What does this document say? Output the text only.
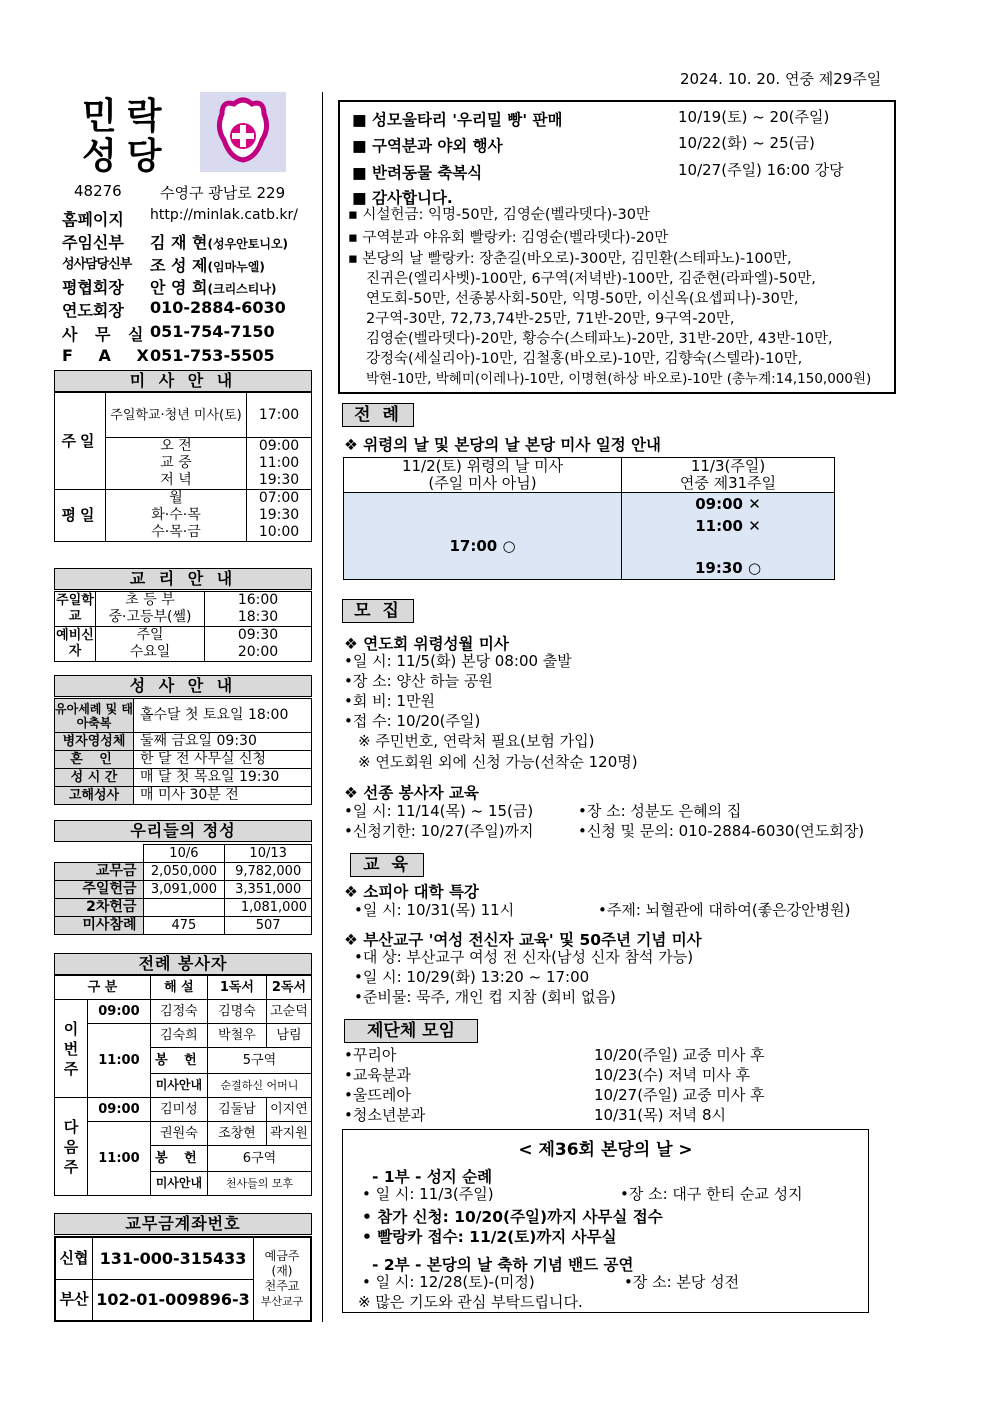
2024. 10. 20. 연중 제29주일
민락
성당
48276	수영구 광남로 229
홈페이지 http://minlak.catb.kr/
주임신부 김 재 현(성우안토니오)
성사담당신부 조 성 제(임마누엘)
평협회장 안 영 희(크리스티나)
연도회장 010-2884-6030
사 무 실 051-754-7150
F A X
051-753-5505
미 사 안 내
주일	주일학교·청년 미사(토)	17:00
	오 전	09:00
	교 중	11:00
	저 녁	19:30
평일	월	07:00
	화·수·목	19:30
	수·목·금	10:00
교 리 안 내
주일학교	초 등 부	16:00
	중·고등부(쎌)	18:30
예비신자	주일	09:30
	수요일	20:00
성 사 안 내
유아세례 및 태아축복	홀수달 첫 토요일 18:00
병자영성체	둘째 금요일 09:30
혼 인	한 달 전 사무실 신청
성 시 간	매 달 첫 목요일 19:30
고해성사	매 미사 30분 전
우리들의 정성
	10/6	10/13
교무금	2,050,000	9,782,000
주일헌금	3,091,000	3,351,000
2차헌금		1,081,000
미사참례	475	507
전례 봉사자
구 분		해 설	1독서	2독서
이번주	09:00	김정숙	김명숙	고순덕
	11:00	김숙희	박철우	남림
		봉 헌	5구역	
		미사안내	순결하신 어머니	
다음주	09:00	김미성	김둘남	이지연
	11:00	권원숙	조창현	곽지원
		봉 헌	6구역	
		미사안내	천사들의 모후	
교무금계좌번호
신협	131-000-315433	예금주
(재)
천주교
부산교구

부산	102-01-009896-3	
■ 성모울타리 '우리밀 빵' 판매	10/19(토) ~ 20(주일)
■ 구역분과 야외 행사	10/22(화) ~ 25(금)
■ 반려동물 축복식	10/27(주일) 16:00 강당
■ 감사합니다.
▪ 시설헌금: 익명-50만, 김영순(벨라뎃다)-30만
▪ 구역분과 야유회 빨랑카: 김영순(벨라뎃다)-20만
▪ 본당의 날 빨랑카: 장춘길(바오로)-300만, 김민환(스테파노)-100만,
진귀은(엘리사벳)-100만, 6구역(저녁반)-100만, 김준현(라파엘)-50만,
연도회-50만, 선종봉사회-50만, 익명-50만, 이신옥(요셉피나)-30만,
2구역-30만, 72,73,74반-25만, 71반-20만, 9구역-20만,
김영순(벨라뎃다)-20만, 황승수(스테파노)-20만, 31반-20만, 43반-10만,
강정숙(세실리아)-10만, 김철홍(바오로)-10만, 김향숙(스텔라)-10만,
박현-10만, 박혜미(이레나)-10만, 이명현(하상 바오로)-10만 (총누계:14,150,000원)
전 례
❖ 위령의 날 및 본당의 날 본당 미사 일정 안내
11/2(토) 위령의 날 미사	11/3(주일)
(주일 미사 아님)	연중 제31주일
17:00 ○	09:00 ✕
11:00 ✕
19:30 ○
모 집
❖ 연도회 위령성월 미사
•일 시: 11/5(화) 본당 08:00 출발
•장 소: 양산 하늘 공원
•회 비: 1만원
•접 수: 10/20(주일)
※ 주민번호, 연락처 필요(보험 가입)
※ 연도회원 외에 신청 가능(선착순 120명)
❖ 선종 봉사자 교육
•일 시: 11/14(목) ~ 15(금)	•장 소: 성분도 은혜의 집
•신청기한: 10/27(주일)까지	•신청 및 문의: 010-2884-6030(연도회장)
교 육
❖ 소피아 대학 특강
•일 시: 10/31(목) 11시	•주제: 뇌혈관에 대하여(좋은강안병원)
❖ 부산교구 '여성 전신자 교육' 및 50주년 기념 미사
•대 상: 부산교구 여성 전 신자(남성 신자 참석 가능)
•일 시: 10/29(화) 13:20 ~ 17:00
•준비물: 묵주, 개인 컵 지참 (회비 없음)
제단체 모임
•꾸리아	10/20(주일) 교중 미사 후
•교육분과	10/23(수) 저녁 미사 후
•울뜨레아	10/27(주일) 교중 미사 후
•청소년분과	10/31(목) 저녁 8시
< 제36회 본당의 날 >
- 1부 - 성지 순례
• 일 시: 11/3(주일)	•장 소: 대구 한티 순교 성지
• 참가 신청: 10/20(주일)까지 사무실 접수
• 빨랑카 접수: 11/2(토)까지 사무실
- 2부 - 본당의 날 축하 기념 밴드 공연
• 일 시: 12/28(토)-(미정)	•장 소: 본당 성전
※ 많은 기도와 관심 부탁드립니다.
